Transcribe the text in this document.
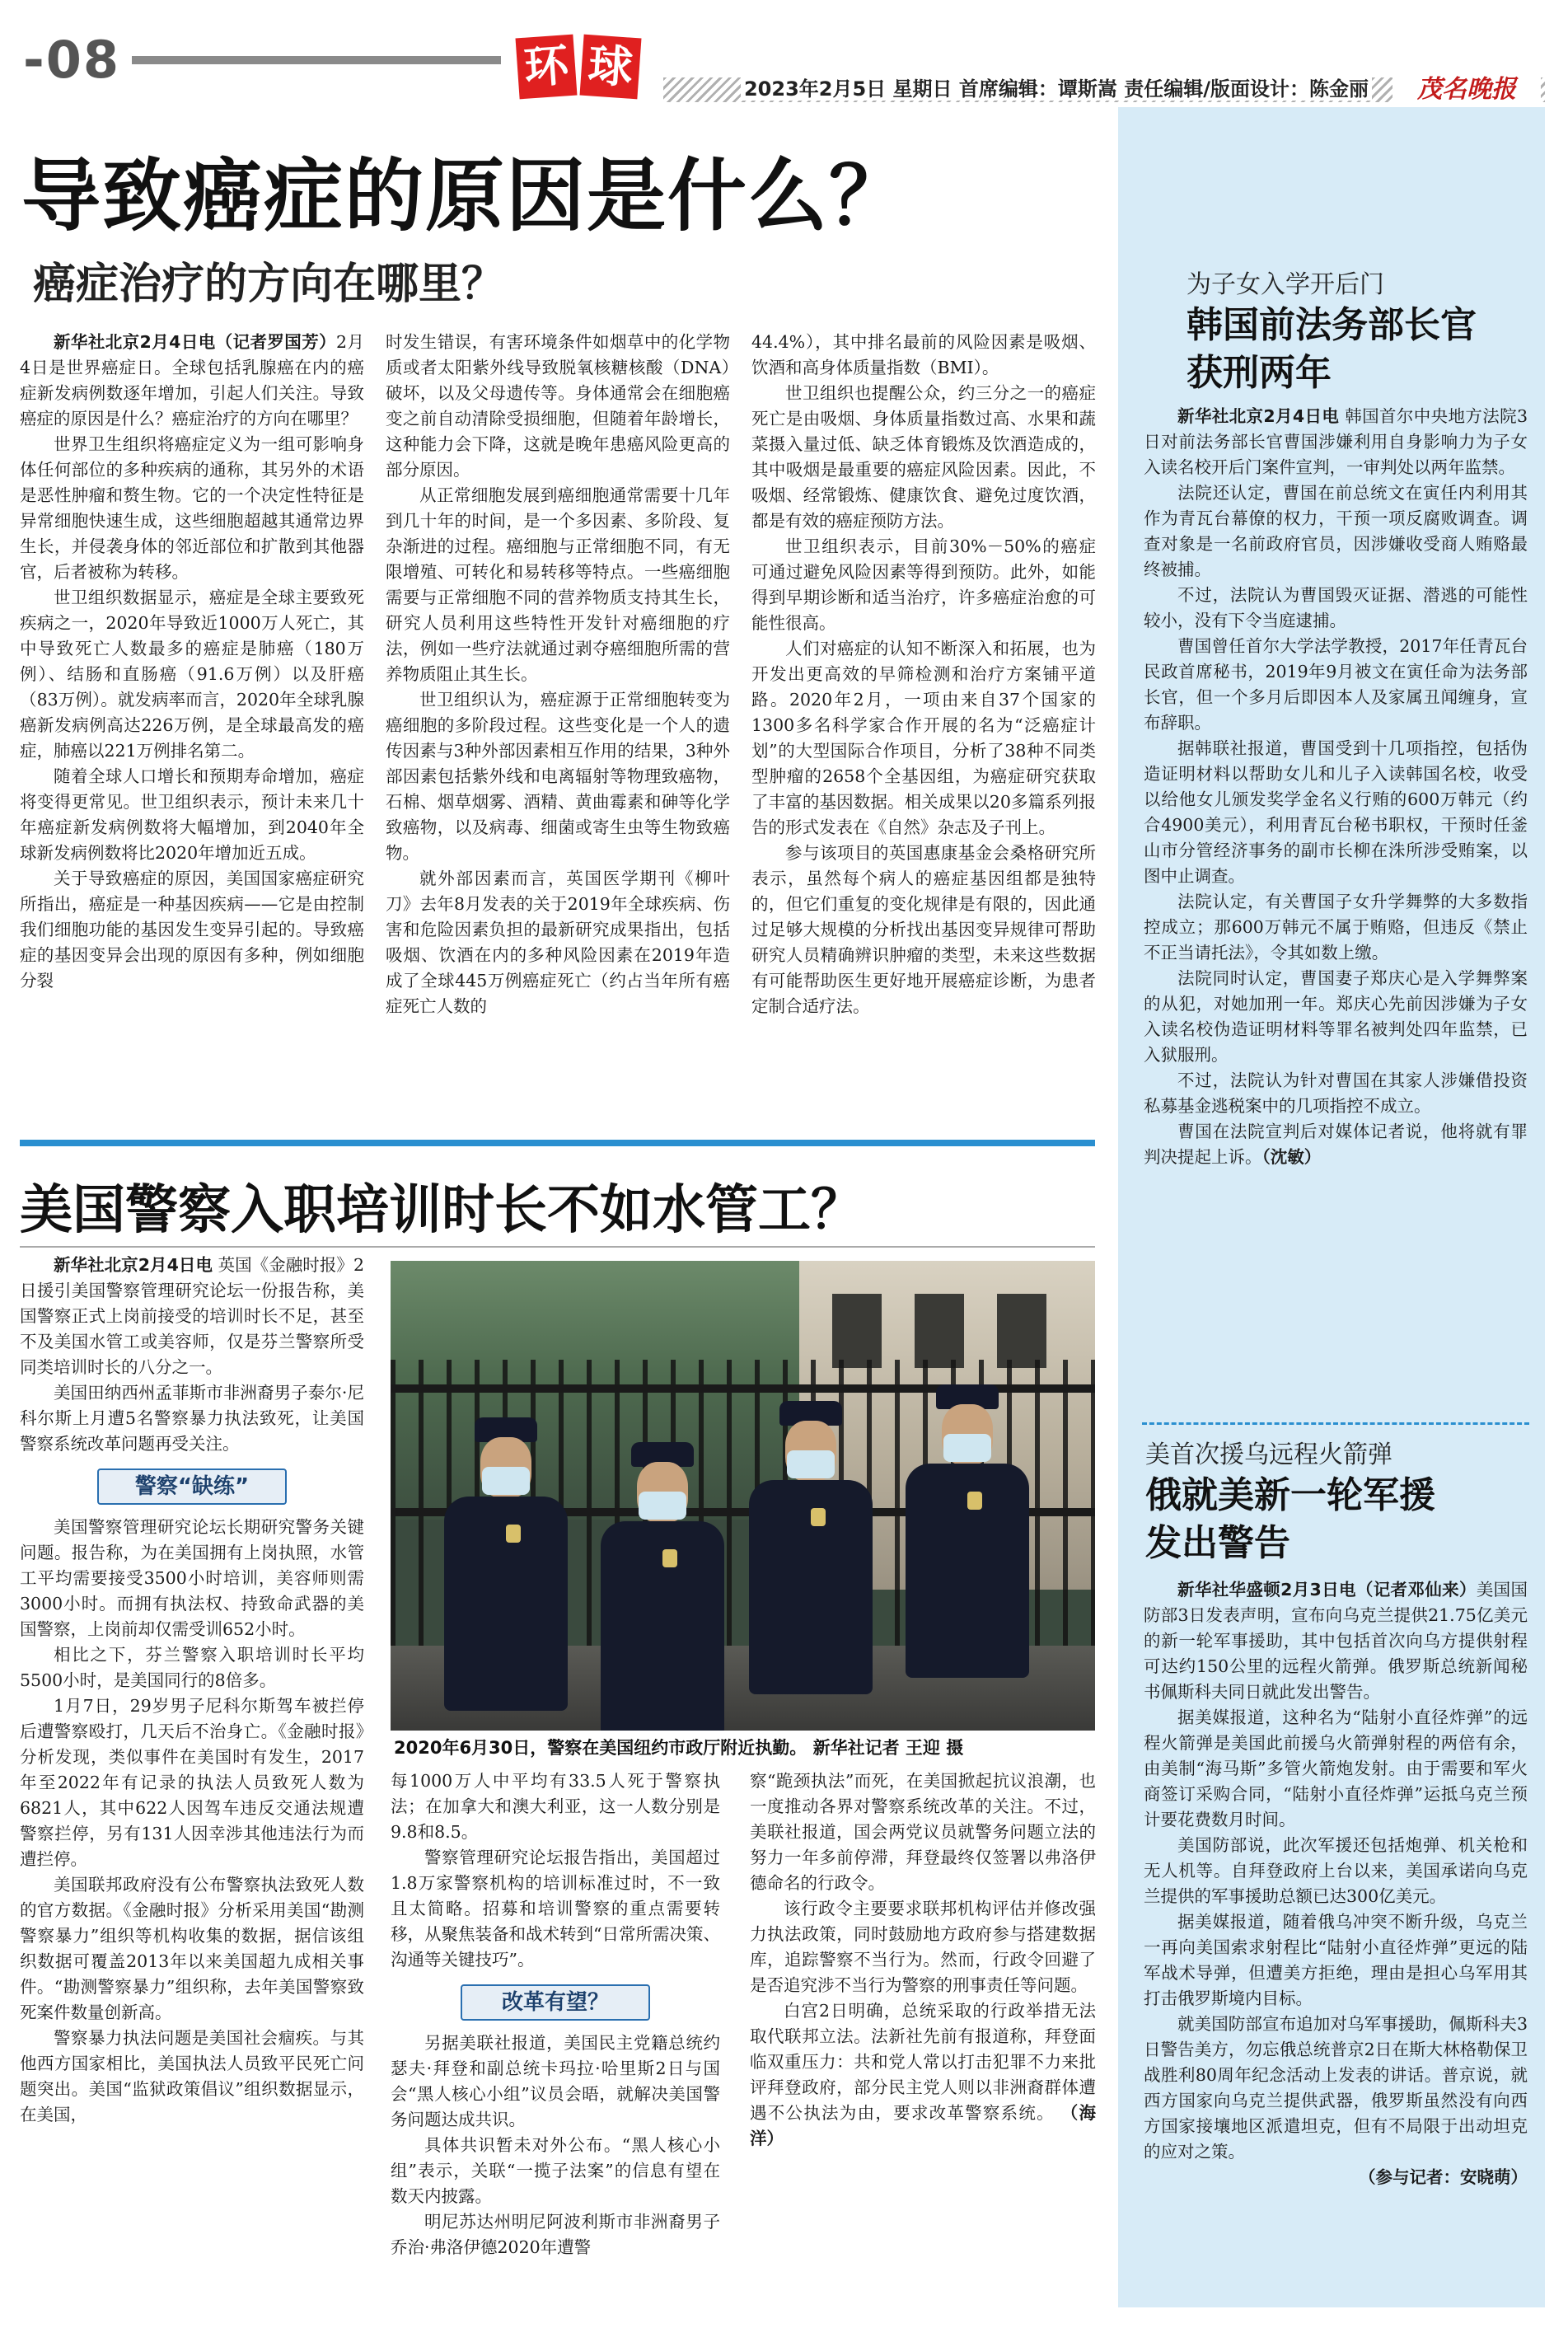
-08	环 球	2023年2月5日 星期日 首席编辑：谭斯嵩 责任编辑/版面设计：陈金丽	茂名晚报
导致癌症的原因是什么？
癌症治疗的方向在哪里？

新华社北京2月4日电（记者罗国芳）2月4日是世界癌症日。全球包括乳腺癌在内的癌症新发病例数逐年增加，引起人们关注。导致癌症的原因是什么？癌症治疗的方向在哪里？

世界卫生组织将癌症定义为一组可影响身体任何部位的多种疾病的通称，其另外的术语是恶性肿瘤和赘生物。它的一个决定性特征是异常细胞快速生成，这些细胞超越其通常边界生长，并侵袭身体的邻近部位和扩散到其他器官，后者被称为转移。

世卫组织数据显示，癌症是全球主要致死疾病之一，2020年导致近1000万人死亡，其中导致死亡人数最多的癌症是肺癌（180万例）、结肠和直肠癌（91.6万例）以及肝癌（83万例）。就发病率而言，2020年全球乳腺癌新发病例高达226万例，是全球最高发的癌症，肺癌以221万例排名第二。

随着全球人口增长和预期寿命增加，癌症将变得更常见。世卫组织表示，预计未来几十年癌症新发病例数将大幅增加，到2040年全球新发病例数将比2020年增加近五成。

关于导致癌症的原因，美国国家癌症研究所指出，癌症是一种基因疾病——它是由控制我们细胞功能的基因发生变异引起的。导致癌症的基因变异会出现的原因有多种，例如细胞分裂

时发生错误，有害环境条件如烟草中的化学物质或者太阳紫外线导致脱氧核糖核酸（DNA）破坏，以及父母遗传等。身体通常会在细胞癌变之前自动清除受损细胞，但随着年龄增长，这种能力会下降，这就是晚年患癌风险更高的部分原因。

从正常细胞发展到癌细胞通常需要十几年到几十年的时间，是一个多因素、多阶段、复杂渐进的过程。癌细胞与正常细胞不同，有无限增殖、可转化和易转移等特点。一些癌细胞需要与正常细胞不同的营养物质支持其生长，研究人员利用这些特性开发针对癌细胞的疗法，例如一些疗法就通过剥夺癌细胞所需的营养物质阻止其生长。

世卫组织认为，癌症源于正常细胞转变为癌细胞的多阶段过程。这些变化是一个人的遗传因素与3种外部因素相互作用的结果，3种外部因素包括紫外线和电离辐射等物理致癌物，石棉、烟草烟雾、酒精、黄曲霉素和砷等化学致癌物，以及病毒、细菌或寄生虫等生物致癌物。

就外部因素而言，英国医学期刊《柳叶刀》去年8月发表的关于2019年全球疾病、伤害和危险因素负担的最新研究成果指出，包括吸烟、饮酒在内的多种风险因素在2019年造成了全球445万例癌症死亡（约占当年所有癌症死亡人数的

44.4%），其中排名最前的风险因素是吸烟、饮酒和高身体质量指数（BMI）。

世卫组织也提醒公众，约三分之一的癌症死亡是由吸烟、身体质量指数过高、水果和蔬菜摄入量过低、缺乏体育锻炼及饮酒造成的，其中吸烟是最重要的癌症风险因素。因此，不吸烟、经常锻炼、健康饮食、避免过度饮酒，都是有效的癌症预防方法。

世卫组织表示，目前30%－50%的癌症可通过避免风险因素等得到预防。此外，如能得到早期诊断和适当治疗，许多癌症治愈的可能性很高。

人们对癌症的认知不断深入和拓展，也为开发出更高效的早筛检测和治疗方案铺平道路。2020年2月，一项由来自37个国家的1300多名科学家合作开展的名为“泛癌症计划”的大型国际合作项目，分析了38种不同类型肿瘤的2658个全基因组，为癌症研究获取了丰富的基因数据。相关成果以20多篇系列报告的形式发表在《自然》杂志及子刊上。

参与该项目的英国惠康基金会桑格研究所表示，虽然每个病人的癌症基因组都是独特的，但它们重复的变化规律是有限的，因此通过足够大规模的分析找出基因变异规律可帮助研究人员精确辨识肿瘤的类型，未来这些数据有可能帮助医生更好地开展癌症诊断，为患者定制合适疗法。

美国警察入职培训时长不如水管工？

新华社北京2月4日电 英国《金融时报》2日援引美国警察管理研究论坛一份报告称，美国警察正式上岗前接受的培训时长不足，甚至不及美国水管工或美容师，仅是芬兰警察所受同类培训时长的八分之一。

美国田纳西州孟菲斯市非洲裔男子泰尔·尼科尔斯上月遭5名警察暴力执法致死，让美国警察系统改革问题再受关注。

警察“缺练”

美国警察管理研究论坛长期研究警务关键问题。报告称，为在美国拥有上岗执照，水管工平均需要接受3500小时培训，美容师则需3000小时。而拥有执法权、持致命武器的美国警察，上岗前却仅需受训652小时。

相比之下，芬兰警察入职培训时长平均5500小时，是美国同行的8倍多。

1月7日，29岁男子尼科尔斯驾车被拦停后遭警察殴打，几天后不治身亡。《金融时报》分析发现，类似事件在美国时有发生，2017年至2022年有记录的执法人员致死人数为6821人，其中622人因驾车违反交通法规遭警察拦停，另有131人因幸涉其他违法行为而遭拦停。

美国联邦政府没有公布警察执法致死人数的官方数据。《金融时报》分析采用美国“勘测警察暴力”组织等机构收集的数据，据信该组织数据可覆盖2013年以来美国超九成相关事件。“勘测警察暴力”组织称，去年美国警察致死案件数量创新高。

警察暴力执法问题是美国社会痼疾。与其他西方国家相比，美国执法人员致平民死亡问题突出。美国“监狱政策倡议”组织数据显示，在美国，

2020年6月30日，警察在美国纽约市政厅附近执勤。 新华社记者 王迎 摄

每1000万人中平均有33.5人死于警察执法；在加拿大和澳大利亚，这一人数分别是9.8和8.5。

警察管理研究论坛报告指出，美国超过1.8万家警察机构的培训标准过时，不一致且太简略。招募和培训警察的重点需要转移，从聚焦装备和战术转到“日常所需决策、沟通等关键技巧”。

改革有望？

另据美联社报道，美国民主党籍总统约瑟夫·拜登和副总统卡玛拉·哈里斯2日与国会“黑人核心小组”议员会晤，就解决美国警务问题达成共识。

具体共识暂未对外公布。“黑人核心小组”表示，关联“一揽子法案”的信息有望在数天内披露。

明尼苏达州明尼阿波利斯市非洲裔男子乔治·弗洛伊德2020年遭警

察“跪颈执法”而死，在美国掀起抗议浪潮，也一度推动各界对警察系统改革的关注。不过，美联社报道，国会两党议员就警务问题立法的努力一年多前停滞，拜登最终仅签署以弗洛伊德命名的行政令。

该行政令主要要求联邦机构评估并修改强力执法政策，同时鼓励地方政府参与搭建数据库，追踪警察不当行为。然而，行政令回避了是否追究涉不当行为警察的刑事责任等问题。

白宫2日明确，总统采取的行政举措无法取代联邦立法。法新社先前有报道称，拜登面临双重压力：共和党人常以打击犯罪不力来批评拜登政府，部分民主党人则以非洲裔群体遭遇不公执法为由，要求改革警察系统。 （海洋）

为子女入学开后门
韩国前法务部长官
获刑两年

新华社北京2月4日电 韩国首尔中央地方法院3日对前法务部长官曹国涉嫌利用自身影响力为子女入读名校开后门案件宣判，一审判处以两年监禁。

法院还认定，曹国在前总统文在寅任内利用其作为青瓦台幕僚的权力，干预一项反腐败调查。调查对象是一名前政府官员，因涉嫌收受商人贿赂最终被捕。

不过，法院认为曹国毁灭证据、潜逃的可能性较小，没有下令当庭逮捕。

曹国曾任首尔大学法学教授，2017年任青瓦台民政首席秘书，2019年9月被文在寅任命为法务部长官，但一个多月后即因本人及家属丑闻缠身，宣布辞职。

据韩联社报道，曹国受到十几项指控，包括伪造证明材料以帮助女儿和儿子入读韩国名校，收受以给他女儿颁发奖学金名义行贿的600万韩元（约合4900美元），利用青瓦台秘书职权，干预时任釜山市分管经济事务的副市长柳在洙所涉受贿案，以图中止调查。

法院认定，有关曹国子女升学舞弊的大多数指控成立；那600万韩元不属于贿赂，但违反《禁止不正当请托法》，令其如数上缴。

法院同时认定，曹国妻子郑庆心是入学舞弊案的从犯，对她加刑一年。郑庆心先前因涉嫌为子女入读名校伪造证明材料等罪名被判处四年监禁，已入狱服刑。

不过，法院认为针对曹国在其家人涉嫌借投资私募基金逃税案中的几项指控不成立。

曹国在法院宣判后对媒体记者说，他将就有罪判决提起上诉。（沈敏）

美首次援乌远程火箭弹
俄就美新一轮军援
发出警告

新华社华盛顿2月3日电（记者邓仙来）美国国防部3日发表声明，宣布向乌克兰提供21.75亿美元的新一轮军事援助，其中包括首次向乌方提供射程可达约150公里的远程火箭弹。俄罗斯总统新闻秘书佩斯科夫同日就此发出警告。

据美媒报道，这种名为“陆射小直径炸弹”的远程火箭弹是美国此前援乌火箭弹射程的两倍有余，由美制“海马斯”多管火箭炮发射。由于需要和军火商签订采购合同，“陆射小直径炸弹”运抵乌克兰预计要花费数月时间。

美国防部说，此次军援还包括炮弹、机关枪和无人机等。自拜登政府上台以来，美国承诺向乌克兰提供的军事援助总额已达300亿美元。

据美媒报道，随着俄乌冲突不断升级，乌克兰一再向美国索求射程比“陆射小直径炸弹”更远的陆军战术导弹，但遭美方拒绝，理由是担心乌军用其打击俄罗斯境内目标。

就美国防部宣布追加对乌军事援助，佩斯科夫3日警告美方，勿忘俄总统普京2日在斯大林格勒保卫战胜利80周年纪念活动上发表的讲话。普京说，就西方国家向乌克兰提供武器，俄罗斯虽然没有向西方国家接壤地区派遣坦克，但有不局限于出动坦克的应对之策。

（参与记者：安晓萌）
